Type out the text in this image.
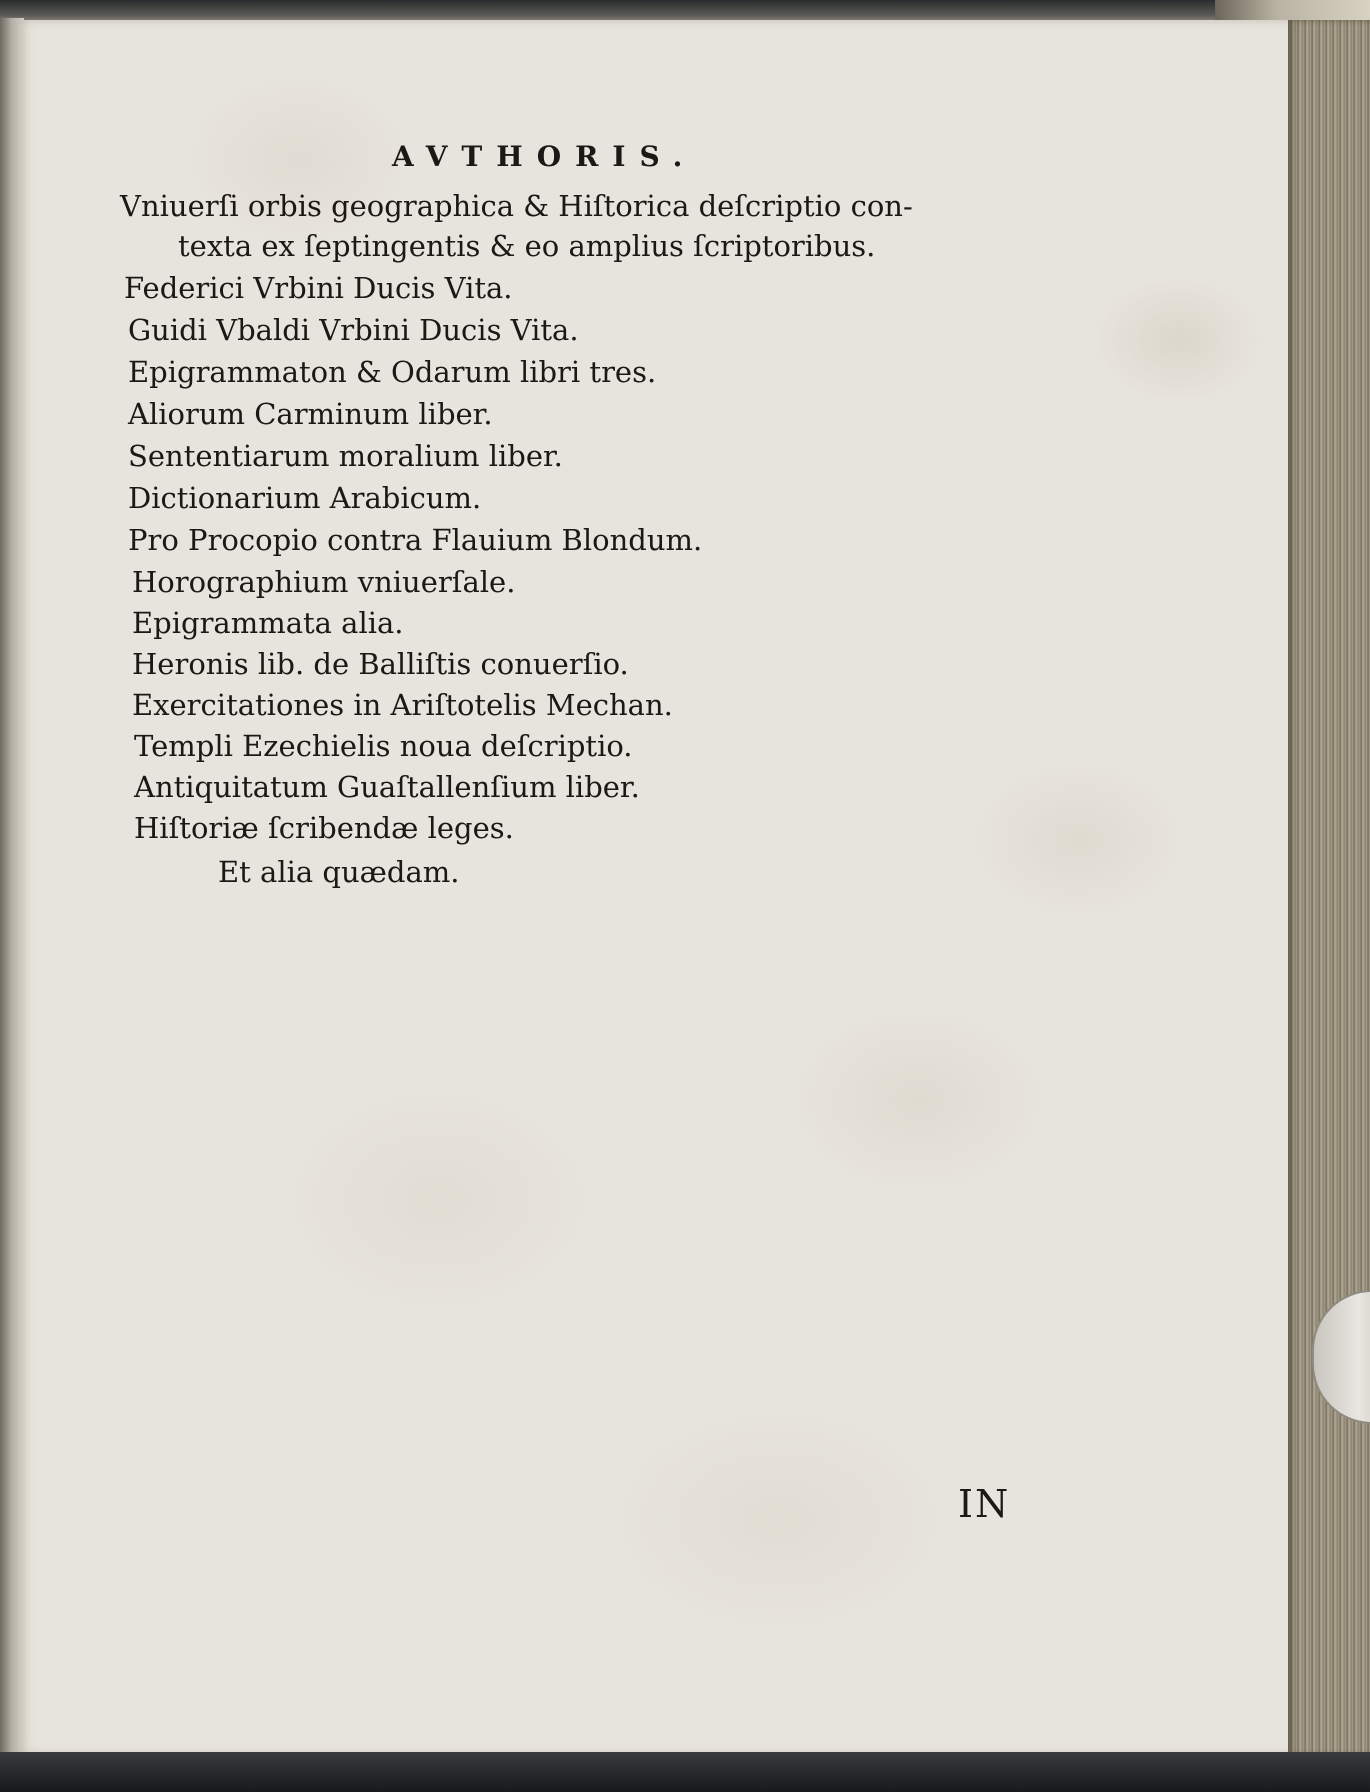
AVTHORIS.
Vniuerſi orbis geographica & Hiſtorica deſcriptio con-
texta ex ſeptingentis & eo amplius ſcriptoribus.
Federici Vrbini Ducis Vita.
Guidi Vbaldi Vrbini Ducis Vita.
Epigrammaton & Odarum libri tres.
Aliorum Carminum liber.
Sententiarum moralium liber.
Dictionarium Arabicum.
Pro Procopio contra Flauium Blondum.
Horographium vniuerſale.
Epigrammata alia.
Heronis lib. de Balliſtis conuerſio.
Exercitationes in Ariſtotelis Mechan.
Templi Ezechielis noua deſcriptio.
Antiquitatum Guaſtallenſium liber.
Hiſtoriæ ſcribendæ leges.
Et alia quædam.

IN
